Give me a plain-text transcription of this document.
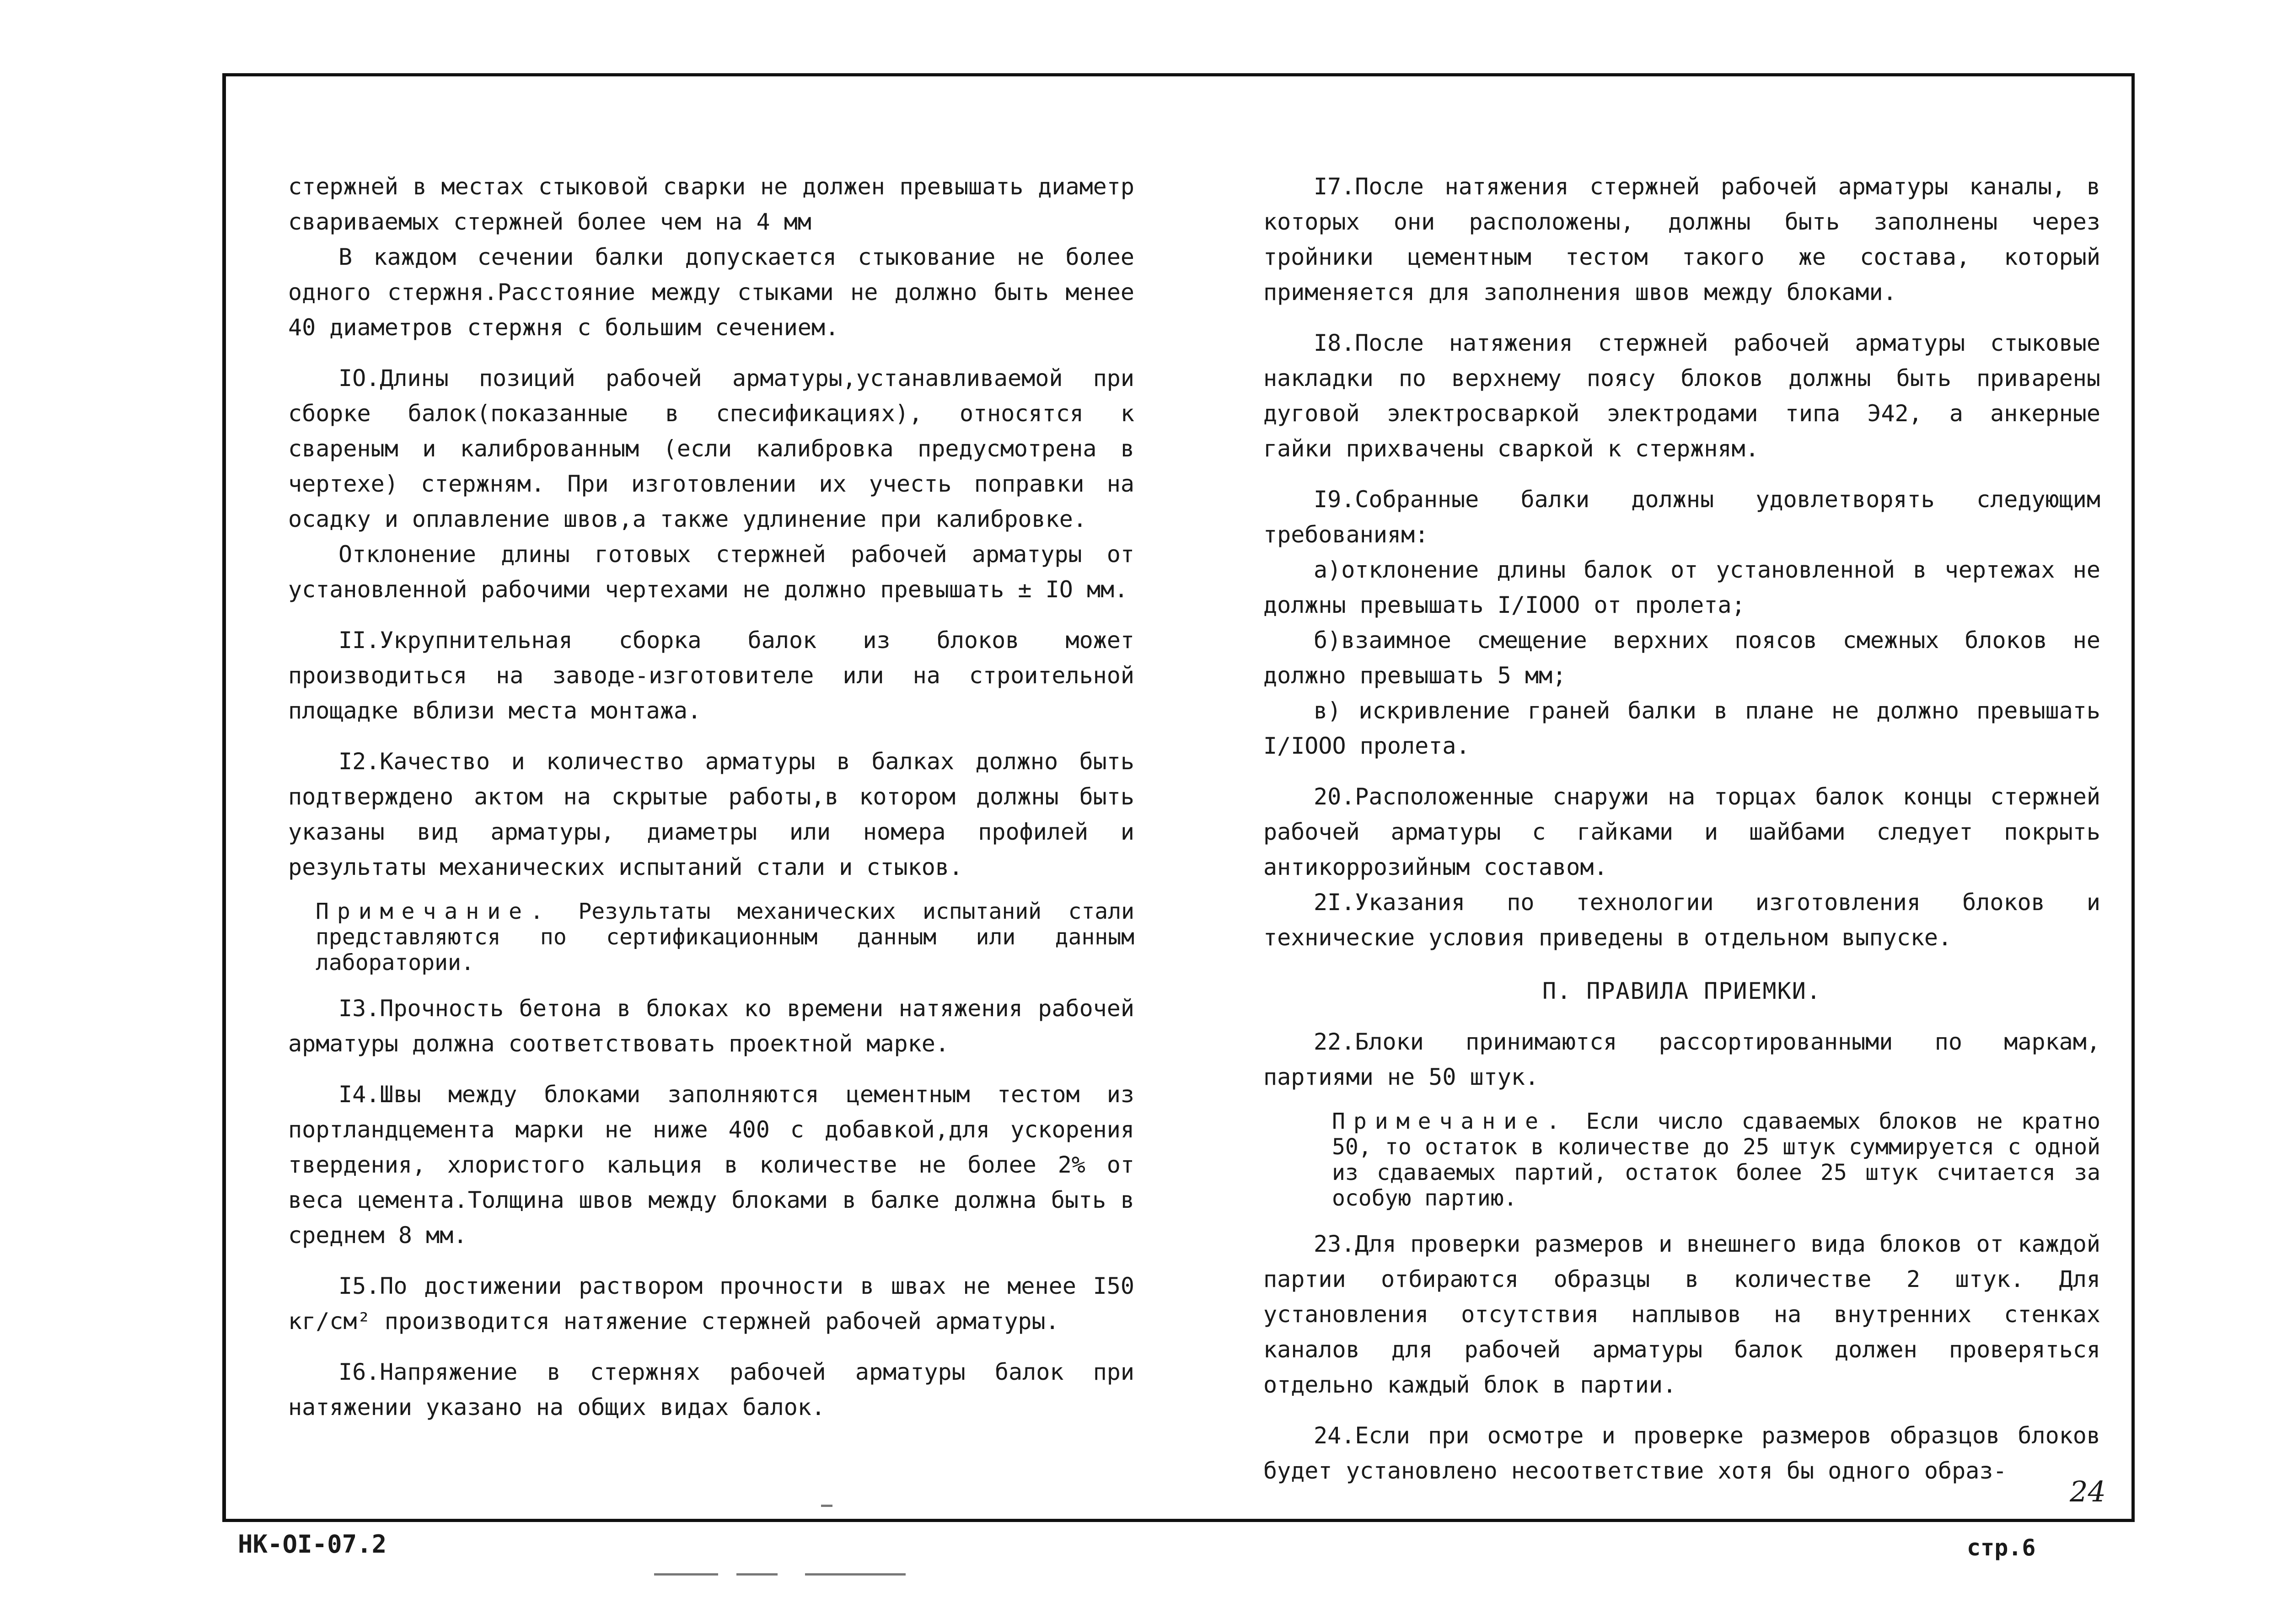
стержней в местах стыковой сварки не должен превышать диаметр свариваемых стержней более чем на 4 мм

В каждом сечении балки допускается стыкование не более одного стержня.Расстояние между стыками не должно быть менее 40 диаметров стержня с большим сечением.

IO.Длины позиций рабочей арматуры,устанавливаемой при сборке балок(показанные в спесификациях), относятся к свареным и калиброванным (если калибровка предусмотрена в чертехе) стержням. При изготовлении их учесть поправки на осадку и оплавление швов,а также удлинение при калибровке.

Отклонение длины готовых стержней рабочей арматуры от установленной рабочими чертехами не должно превышать ± IO мм.

II.Укрупнительная сборка балок из блоков может производиться на заводе-изготовителе или на строительной площадке вблизи места монтажа.

I2.Качество и количество арматуры в балках должно быть подтверждено актом на скрытые работы,в котором должны быть указаны вид арматуры, диаметры или номера профилей и результаты механических испытаний стали и стыков.

Примечание. Результаты механических испытаний стали представляются по сертификационным данным или данным лаборатории.

I3.Прочность бетона в блоках ко времени натяжения рабочей арматуры должна соответствовать проектной марке.

I4.Швы между блоками заполняются цементным тестом из портландцемента марки не ниже 400 с добавкой,для ускорения твердения, хлористого кальция в количестве не более 2% от веса цемента.Толщина швов между блоками в балке должна быть в среднем 8 мм.

I5.По достижении раствором прочности в швах не менее I50 кг/см² производится натяжение стержней рабочей арматуры.

I6.Напряжение в стержнях рабочей арматуры балок при натяжении указано на общих видах балок.

I7.После натяжения стержней рабочей арматуры каналы, в которых они расположены, должны быть заполнены через тройники цементным тестом такого же состава, который применяется для заполнения швов между блоками.

I8.После натяжения стержней рабочей арматуры стыковые накладки по верхнему поясу блоков должны быть приварены дуговой электросваркой электродами типа Э42, а анкерные гайки прихвачены сваркой к стержням.

I9.Собранные балки должны удовлетворять следующим требованиям:

а)отклонение длины балок от установленной в чертежах не должны превышать I/IOOO от пролета;

б)взаимное смещение верхних поясов смежных блоков не должно превышать 5 мм;

в) искривление граней балки в плане не должно превышать I/IOOO пролета.

20.Расположенные снаружи на торцах балок концы стержней рабочей арматуры с гайками и шайбами следует покрыть антикоррозийным составом.

2I.Указания по технологии изготовления блоков и технические условия приведены в отдельном выпуске.

П. ПРАВИЛА ПРИЕМКИ.

22.Блоки принимаются рассортированными по маркам, партиями не 50 штук.

Примечание. Если число сдаваемых блоков не кратно 50, то остаток в количестве до 25 штук суммируется с одной из сдаваемых партий, остаток более 25 штук считается за особую партию.

23.Для проверки размеров и внешнего вида блоков от каждой партии отбираются образцы в количестве 2 штук. Для установления отсутствия наплывов на внутренних стенках каналов для рабочей арматуры балок должен проверяться отдельно каждый блок в партии.

24.Если при осмотре и проверке размеров образцов блоков будет установлено несоответствие хотя бы одного образ-

24
НК-OI-07.2	стр.6
